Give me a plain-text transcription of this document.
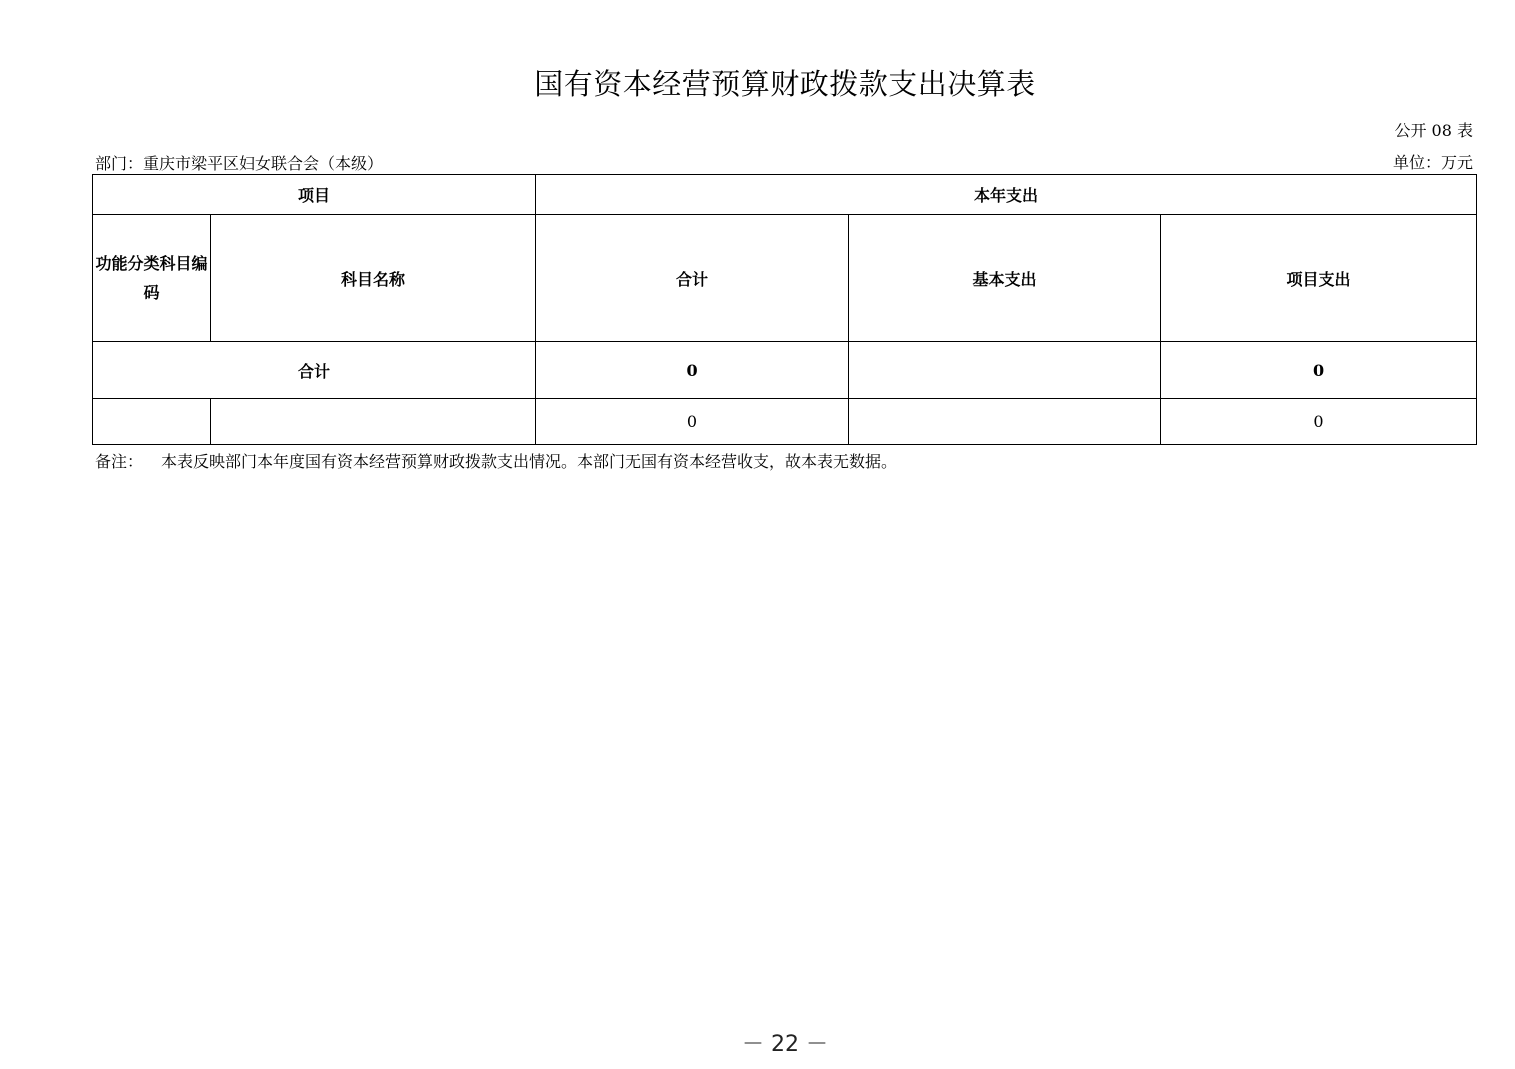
国有资本经营预算财政拨款支出决算表
公开 08 表
部门：重庆市梁平区妇女联合会（本级）	单位：万元
项目		本年支出		
功能分类科目编码	科目名称	合计	基本支出	项目支出
合计		0		0
		0		0
备注： 本表反映部门本年度国有资本经营预算财政拨款支出情况。本部门无国有资本经营收支，故本表无数据。
－ 22 －
